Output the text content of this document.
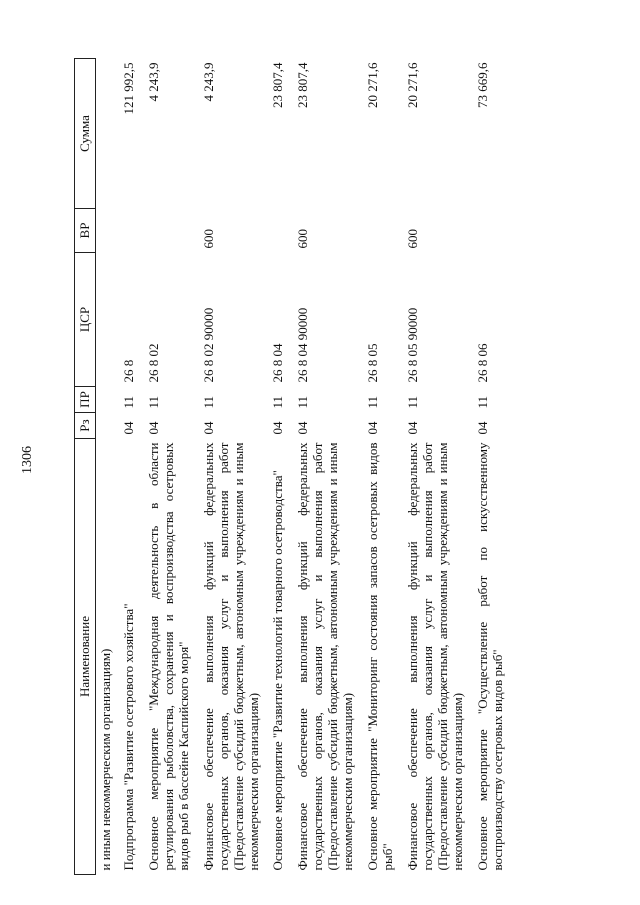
1306
Наименование	Рз	ПР	ЦСР	ВР	Сумма
и иным некоммерческим организациям)					
Подпрограмма "Развитие осетрового хозяйства"	04	11	26 8		121 992,5
Основное мероприятие "Международная деятельность в области регулирования рыболовства, сохранения и воспроизводства осетровых видов рыб в бассейне Каспийского моря"	04	11	26 8 02		4 243,9
Финансовое обеспечение выполнения функций федеральных государственных органов, оказания услуг и выполнения работ (Предоставление субсидий бюджетным, автономным учреждениям и иным некоммерческим организациям)	04	11	26 8 02 90000	600	4 243,9
Основное мероприятие "Развитие технологий товарного осетроводства"	04	11	26 8 04		23 807,4
Финансовое обеспечение выполнения функций федеральных государственных органов, оказания услуг и выполнения работ (Предоставление субсидий бюджетным, автономным учреждениям и иным некоммерческим организациям)	04	11	26 8 04 90000	600	23 807,4
Основное мероприятие "Мониторинг состояния запасов осетровых видов рыб"	04	11	26 8 05		20 271,6
Финансовое обеспечение выполнения функций федеральных государственных органов, оказания услуг и выполнения работ (Предоставление субсидий бюджетным, автономным учреждениям и иным некоммерческим организациям)	04	11	26 8 05 90000	600	20 271,6
Основное мероприятие "Осуществление работ по искусственному воспроизводству осетровых видов рыб"	04	11	26 8 06		73 669,6
